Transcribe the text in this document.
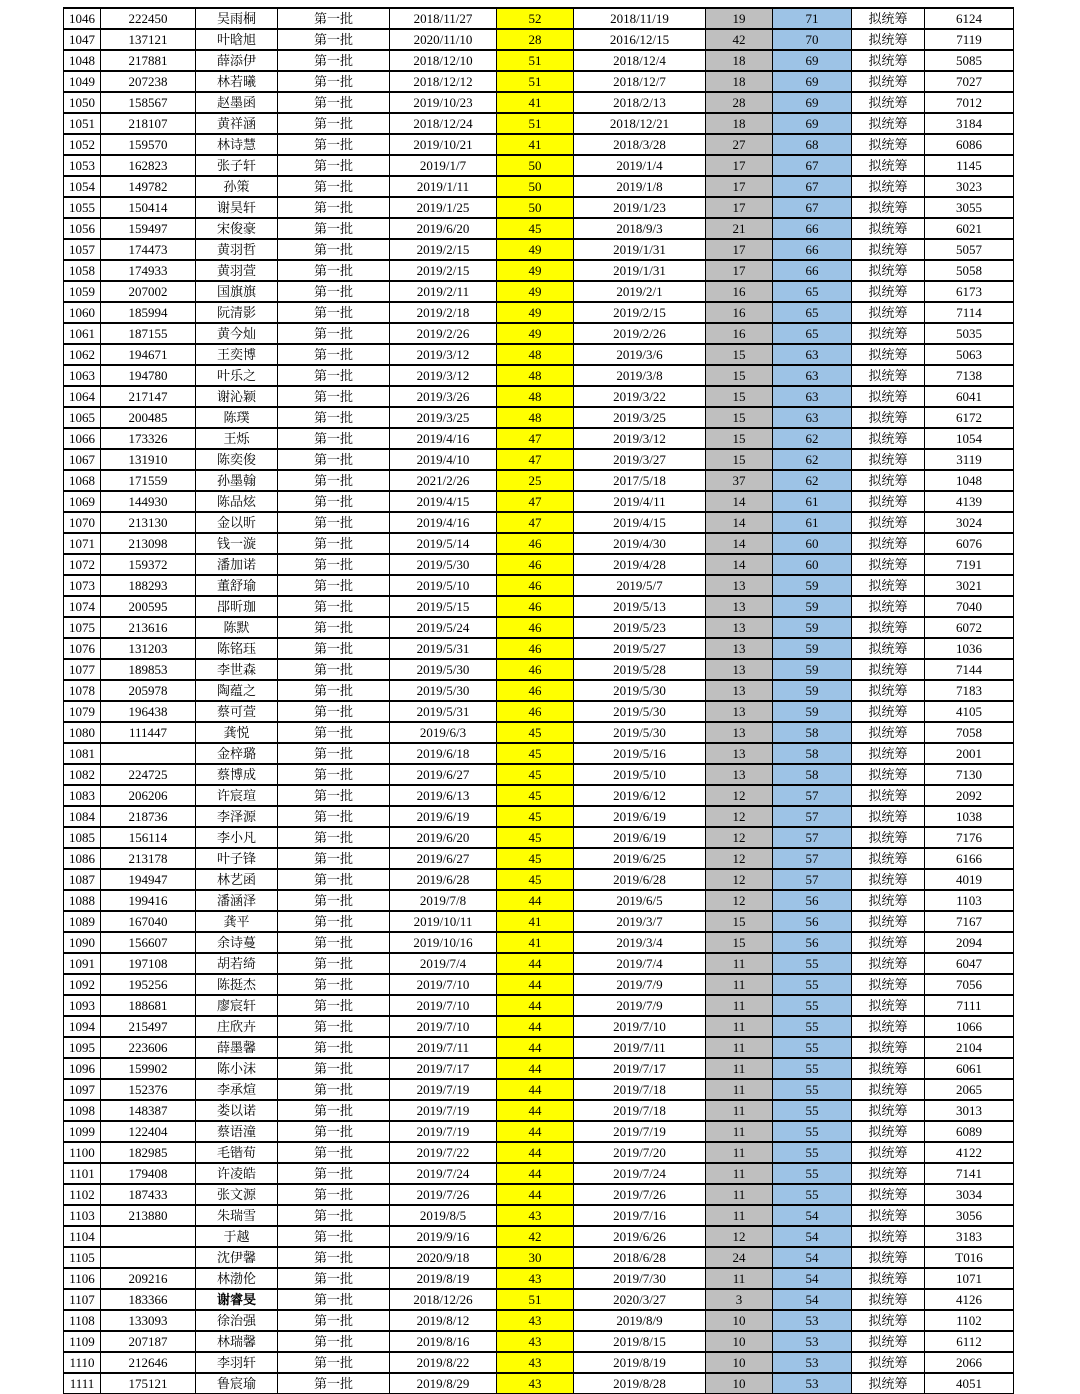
1046	222450	吴雨桐	第一批	2018/11/27	52	2018/11/19	19	71	拟统筹	6124
1047	137121	叶晗旭	第一批	2020/11/10	28	2016/12/15	42	70	拟统筹	7119
1048	217881	薛添伊	第一批	2018/12/10	51	2018/12/4	18	69	拟统筹	5085
1049	207238	林若曦	第一批	2018/12/12	51	2018/12/7	18	69	拟统筹	7027
1050	158567	赵墨函	第一批	2019/10/23	41	2018/2/13	28	69	拟统筹	7012
1051	218107	黄祥涵	第一批	2018/12/24	51	2018/12/21	18	69	拟统筹	3184
1052	159570	林诗慧	第一批	2019/10/21	41	2018/3/28	27	68	拟统筹	6086
1053	162823	张子轩	第一批	2019/1/7	50	2019/1/4	17	67	拟统筹	1145
1054	149782	孙策	第一批	2019/1/11	50	2019/1/8	17	67	拟统筹	3023
1055	150414	谢昊轩	第一批	2019/1/25	50	2019/1/23	17	67	拟统筹	3055
1056	159497	宋俊豪	第一批	2019/6/20	45	2018/9/3	21	66	拟统筹	6021
1057	174473	黄羽哲	第一批	2019/2/15	49	2019/1/31	17	66	拟统筹	5057
1058	174933	黄羽萱	第一批	2019/2/15	49	2019/1/31	17	66	拟统筹	5058
1059	207002	国旗旗	第一批	2019/2/11	49	2019/2/1	16	65	拟统筹	6173
1060	185994	阮清影	第一批	2019/2/18	49	2019/2/15	16	65	拟统筹	7114
1061	187155	黄今灿	第一批	2019/2/26	49	2019/2/26	16	65	拟统筹	5035
1062	194671	王奕博	第一批	2019/3/12	48	2019/3/6	15	63	拟统筹	5063
1063	194780	叶乐之	第一批	2019/3/12	48	2019/3/8	15	63	拟统筹	7138
1064	217147	谢沁颖	第一批	2019/3/26	48	2019/3/22	15	63	拟统筹	6041
1065	200485	陈璞	第一批	2019/3/25	48	2019/3/25	15	63	拟统筹	6172
1066	173326	王烁	第一批	2019/4/16	47	2019/3/12	15	62	拟统筹	1054
1067	131910	陈奕俊	第一批	2019/4/10	47	2019/3/27	15	62	拟统筹	3119
1068	171559	孙墨翰	第一批	2021/2/26	25	2017/5/18	37	62	拟统筹	1048
1069	144930	陈品炫	第一批	2019/4/15	47	2019/4/11	14	61	拟统筹	4139
1070	213130	金以昕	第一批	2019/4/16	47	2019/4/15	14	61	拟统筹	3024
1071	213098	钱一漩	第一批	2019/5/14	46	2019/4/30	14	60	拟统筹	6076
1072	159372	潘加诺	第一批	2019/5/30	46	2019/4/28	14	60	拟统筹	7191
1073	188293	董舒瑜	第一批	2019/5/10	46	2019/5/7	13	59	拟统筹	3021
1074	200595	郘昕珈	第一批	2019/5/15	46	2019/5/13	13	59	拟统筹	7040
1075	213616	陈默	第一批	2019/5/24	46	2019/5/23	13	59	拟统筹	6072
1076	131203	陈铭珏	第一批	2019/5/31	46	2019/5/27	13	59	拟统筹	1036
1077	189853	李世森	第一批	2019/5/30	46	2019/5/28	13	59	拟统筹	7144
1078	205978	陶蕴之	第一批	2019/5/30	46	2019/5/30	13	59	拟统筹	7183
1079	196438	蔡可萱	第一批	2019/5/31	46	2019/5/30	13	59	拟统筹	4105
1080	111447	龚悦	第一批	2019/6/3	45	2019/5/30	13	58	拟统筹	7058
1081		金梓璐	第一批	2019/6/18	45	2019/5/16	13	58	拟统筹	2001
1082	224725	蔡博成	第一批	2019/6/27	45	2019/5/10	13	58	拟统筹	7130
1083	206206	许宸瑄	第一批	2019/6/13	45	2019/6/12	12	57	拟统筹	2092
1084	218736	李泽源	第一批	2019/6/19	45	2019/6/19	12	57	拟统筹	1038
1085	156114	李小凡	第一批	2019/6/20	45	2019/6/19	12	57	拟统筹	7176
1086	213178	叶子锋	第一批	2019/6/27	45	2019/6/25	12	57	拟统筹	6166
1087	194947	林艺函	第一批	2019/6/28	45	2019/6/28	12	57	拟统筹	4019
1088	199416	潘涵泽	第一批	2019/7/8	44	2019/6/5	12	56	拟统筹	1103
1089	167040	龚平	第一批	2019/10/11	41	2019/3/7	15	56	拟统筹	7167
1090	156607	余诗蔓	第一批	2019/10/16	41	2019/3/4	15	56	拟统筹	2094
1091	197108	胡若绮	第一批	2019/7/4	44	2019/7/4	11	55	拟统筹	6047
1092	195256	陈挺杰	第一批	2019/7/10	44	2019/7/9	11	55	拟统筹	7056
1093	188681	廖宸轩	第一批	2019/7/10	44	2019/7/9	11	55	拟统筹	7111
1094	215497	庄欣卉	第一批	2019/7/10	44	2019/7/10	11	55	拟统筹	1066
1095	223606	薛墨馨	第一批	2019/7/11	44	2019/7/11	11	55	拟统筹	2104
1096	159902	陈小沫	第一批	2019/7/17	44	2019/7/17	11	55	拟统筹	6061
1097	152376	李承煊	第一批	2019/7/19	44	2019/7/18	11	55	拟统筹	2065
1098	148387	娄以诺	第一批	2019/7/19	44	2019/7/18	11	55	拟统筹	3013
1099	122404	蔡语潼	第一批	2019/7/19	44	2019/7/19	11	55	拟统筹	6089
1100	182985	毛锴荀	第一批	2019/7/22	44	2019/7/20	11	55	拟统筹	4122
1101	179408	许凌皓	第一批	2019/7/24	44	2019/7/24	11	55	拟统筹	7141
1102	187433	张文源	第一批	2019/7/26	44	2019/7/26	11	55	拟统筹	3034
1103	213880	朱瑞雪	第一批	2019/8/5	43	2019/7/16	11	54	拟统筹	3056
1104		于越	第一批	2019/9/16	42	2019/6/26	12	54	拟统筹	3183
1105		沈伊馨	第一批	2020/9/18	30	2018/6/28	24	54	拟统筹	T016
1106	209216	林渤伦	第一批	2019/8/19	43	2019/7/30	11	54	拟统筹	1071
1107	183366	谢睿旻	第一批	2018/12/26	51	2020/3/27	3	54	拟统筹	4126
1108	133093	徐治强	第一批	2019/8/12	43	2019/8/9	10	53	拟统筹	1102
1109	207187	林瑞馨	第一批	2019/8/16	43	2019/8/15	10	53	拟统筹	6112
1110	212646	李羽轩	第一批	2019/8/22	43	2019/8/19	10	53	拟统筹	2066
1111	175121	鲁宸瑜	第一批	2019/8/29	43	2019/8/28	10	53	拟统筹	4051
